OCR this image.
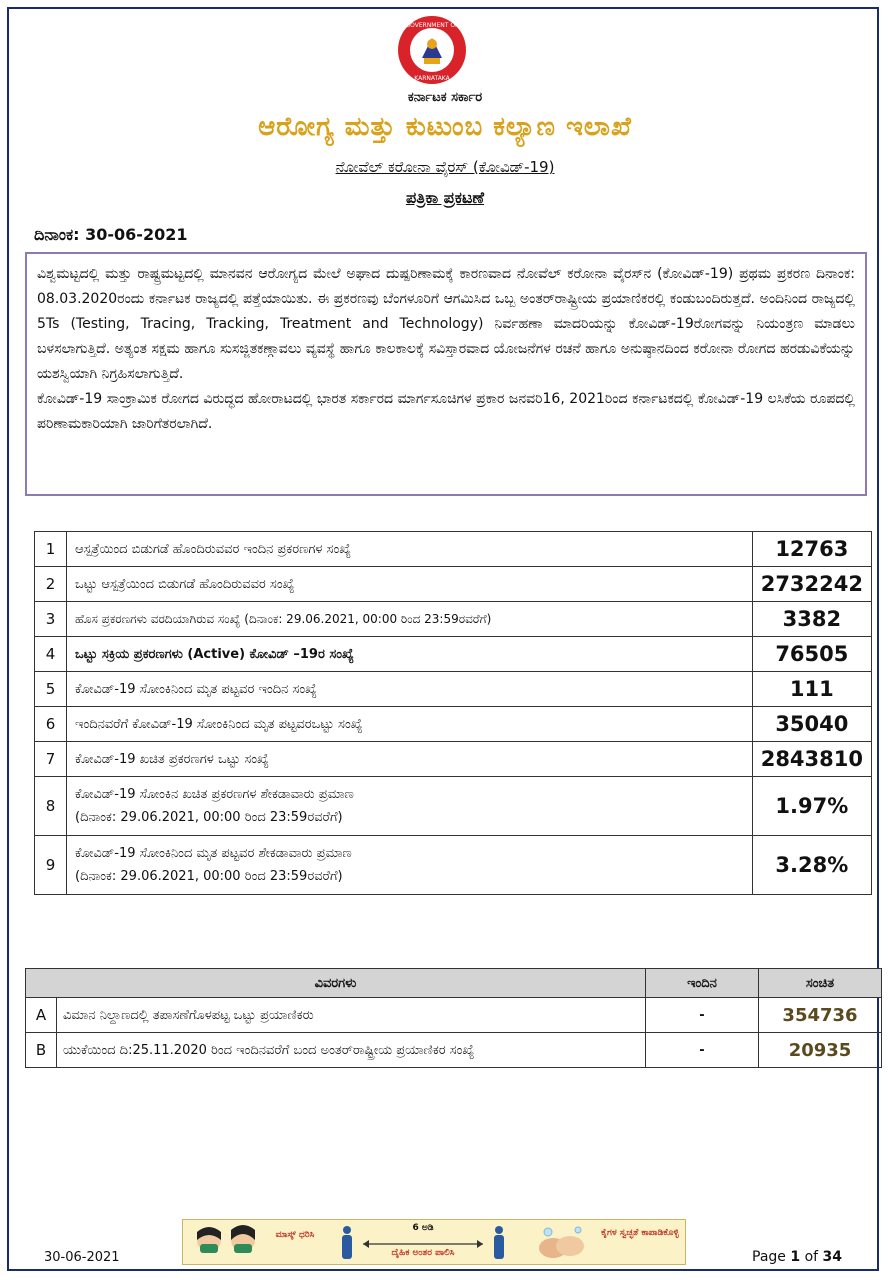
GOVERNMENT OF
KARNATAKA
ಕರ್ನಾಟಕ ಸರ್ಕಾರ
ಆರೋಗ್ಯ ಮತ್ತು ಕುಟುಂಬ ಕಲ್ಯಾಣ ಇಲಾಖೆ
ನೋವೆಲ್ ಕರೋನಾ ವೈರಸ್ (ಕೋವಿಡ್-19)
ಪತ್ರಿಕಾ ಪ್ರಕಟಣೆ
ದಿನಾಂಕ: 30-06-2021

ವಿಶ್ವಮಟ್ಟದಲ್ಲಿ ಮತ್ತು ರಾಷ್ಟ್ರಮಟ್ಟದಲ್ಲಿ ಮಾನವನ ಆರೋಗ್ಯದ ಮೇಲೆ ಅಘಾದ ದುಷ್ಪರಿಣಾಮಕ್ಕೆ ಕಾರಣವಾದ ನೋವೆಲ್ ಕರೋನಾ ವೈರಸ್‌ನ (ಕೋವಿಡ್-19) ಪ್ರಥಮ ಪ್ರಕರಣ ದಿನಾಂಕ: 08.03.2020ರಂದು ಕರ್ನಾಟಕ ರಾಜ್ಯದಲ್ಲಿ ಪತ್ತೆಯಾಯಿತು. ಈ ಪ್ರಕರಣವು ಬೆಂಗಳೂರಿಗೆ ಆಗಮಿಸಿದ ಒಬ್ಬ ಅಂತರ್‌ರಾಷ್ಟ್ರೀಯ ಪ್ರಯಾಣಿಕರಲ್ಲಿ ಕಂಡುಬಂದಿರುತ್ತದೆ. ಅಂದಿನಿಂದ ರಾಜ್ಯದಲ್ಲಿ 5Ts (Testing, Tracing, Tracking, Treatment and Technology) ನಿರ್ವಹಣಾ ಮಾದರಿಯನ್ನು ಕೋವಿಡ್-19ರೋಗವನ್ನು ನಿಯಂತ್ರಣ ಮಾಡಲು ಬಳಸಲಾಗುತ್ತಿದೆ. ಅತ್ಯಂತ ಸಕ್ಷಮ ಹಾಗೂ ಸುಸಜ್ಜಿತಕಣ್ಗಾವಲು ವ್ಯವಸ್ಥೆ ಹಾಗೂ ಕಾಲಕಾಲಕ್ಕೆ ಸವಿಸ್ತಾರವಾದ ಯೋಜನೆಗಳ ರಚನೆ ಹಾಗೂ ಅನುಷ್ಠಾನದಿಂದ ಕರೋನಾ ರೋಗದ ಹರಡುವಿಕೆಯನ್ನು ಯಶಸ್ವಿಯಾಗಿ ನಿಗ್ರಹಿಸಲಾಗುತ್ತಿದೆ.

ಕೋವಿಡ್-19 ಸಾಂಕ್ರಾಮಿಕ ರೋಗದ ವಿರುದ್ಧದ ಹೋರಾಟದಲ್ಲಿ ಭಾರತ ಸರ್ಕಾರದ ಮಾರ್ಗಸೂಚಿಗಳ ಪ್ರಕಾರ ಜನವರಿ16, 2021ರಿಂದ ಕರ್ನಾಟಕದಲ್ಲಿ ಕೋವಿಡ್-19 ಲಸಿಕೆಯ ರೂಪದಲ್ಲಿ ಪರಿಣಾಮಕಾರಿಯಾಗಿ ಜಾರಿಗೆತರಲಾಗಿದೆ.

1	ಆಸ್ಪತ್ರೆಯಿಂದ ಬಿಡುಗಡೆ ಹೊಂದಿರುವವರ ಇಂದಿನ ಪ್ರಕರಣಗಳ ಸಂಖ್ಯೆ	12763
2	ಒಟ್ಟು ಆಸ್ಪತ್ರೆಯಿಂದ ಬಿಡುಗಡೆ ಹೊಂದಿರುವವರ ಸಂಖ್ಯೆ	2732242
3	ಹೊಸ ಪ್ರಕರಣಗಳು ವರದಿಯಾಗಿರುವ ಸಂಖ್ಯೆ (ದಿನಾಂಕ: 29.06.2021, 00:00 ರಿಂದ 23:59ರವರೆಗೆ)	3382
4	ಒಟ್ಟು ಸಕ್ರಿಯ ಪ್ರಕರಣಗಳು (Active) ಕೋವಿಡ್ –19ರ ಸಂಖ್ಯೆ	76505
5	ಕೋವಿಡ್-19 ಸೋಂಕಿನಿಂದ ಮೃತ ಪಟ್ಟವರ ಇಂದಿನ ಸಂಖ್ಯೆ	111
6	ಇಂದಿನವರೆಗೆ ಕೋವಿಡ್-19 ಸೋಂಕಿನಿಂದ ಮೃತ ಪಟ್ಟವರಒಟ್ಟು ಸಂಖ್ಯೆ	35040
7	ಕೋವಿಡ್-19 ಖಚಿತ ಪ್ರಕರಣಗಳ ಒಟ್ಟು ಸಂಖ್ಯೆ	2843810
8	ಕೋವಿಡ್-19 ಸೋಂಕಿನ ಖಚಿತ ಪ್ರಕರಣಗಳ ಶೇಕಡಾವಾರು ಪ್ರಮಾಣ
(ದಿನಾಂಕ: 29.06.2021, 00:00 ರಿಂದ 23:59ರವರೆಗೆ)	1.97%
9	ಕೋವಿಡ್-19 ಸೋಂಕಿನಿಂದ ಮೃತ ಪಟ್ಟವರ ಶೇಕಡಾವಾರು ಪ್ರಮಾಣ
(ದಿನಾಂಕ: 29.06.2021, 00:00 ರಿಂದ 23:59ರವರೆಗೆ)	3.28%
ವಿವರಗಳು		ಇಂದಿನ	ಸಂಚಿತ
A	ವಿಮಾನ ನಿಲ್ದಾಣದಲ್ಲಿ ತಪಾಸಣೆಗೊಳಪಟ್ಟ ಒಟ್ಟು ಪ್ರಯಾಣಿಕರು	-	354736
B	ಯುಕೆಯಿಂದ ದಿ:25.11.2020 ರಿಂದ ಇಂದಿನವರೆಗೆ ಬಂದ ಅಂತರ್‌ರಾಷ್ಟ್ರೀಯ ಪ್ರಯಾಣಿಕರ ಸಂಖ್ಯೆ	-	20935
ಮಾಸ್ಕ್ ಧರಿಸಿ
6 ಅಡಿ
ದೈಹಿಕ ಅಂತರ ಪಾಲಿಸಿ
ಕೈಗಳ ಸ್ವಚ್ಛತೆ ಕಾಪಾಡಿಕೊಳ್ಳಿ
30-06-2021	Page 1 of 34
